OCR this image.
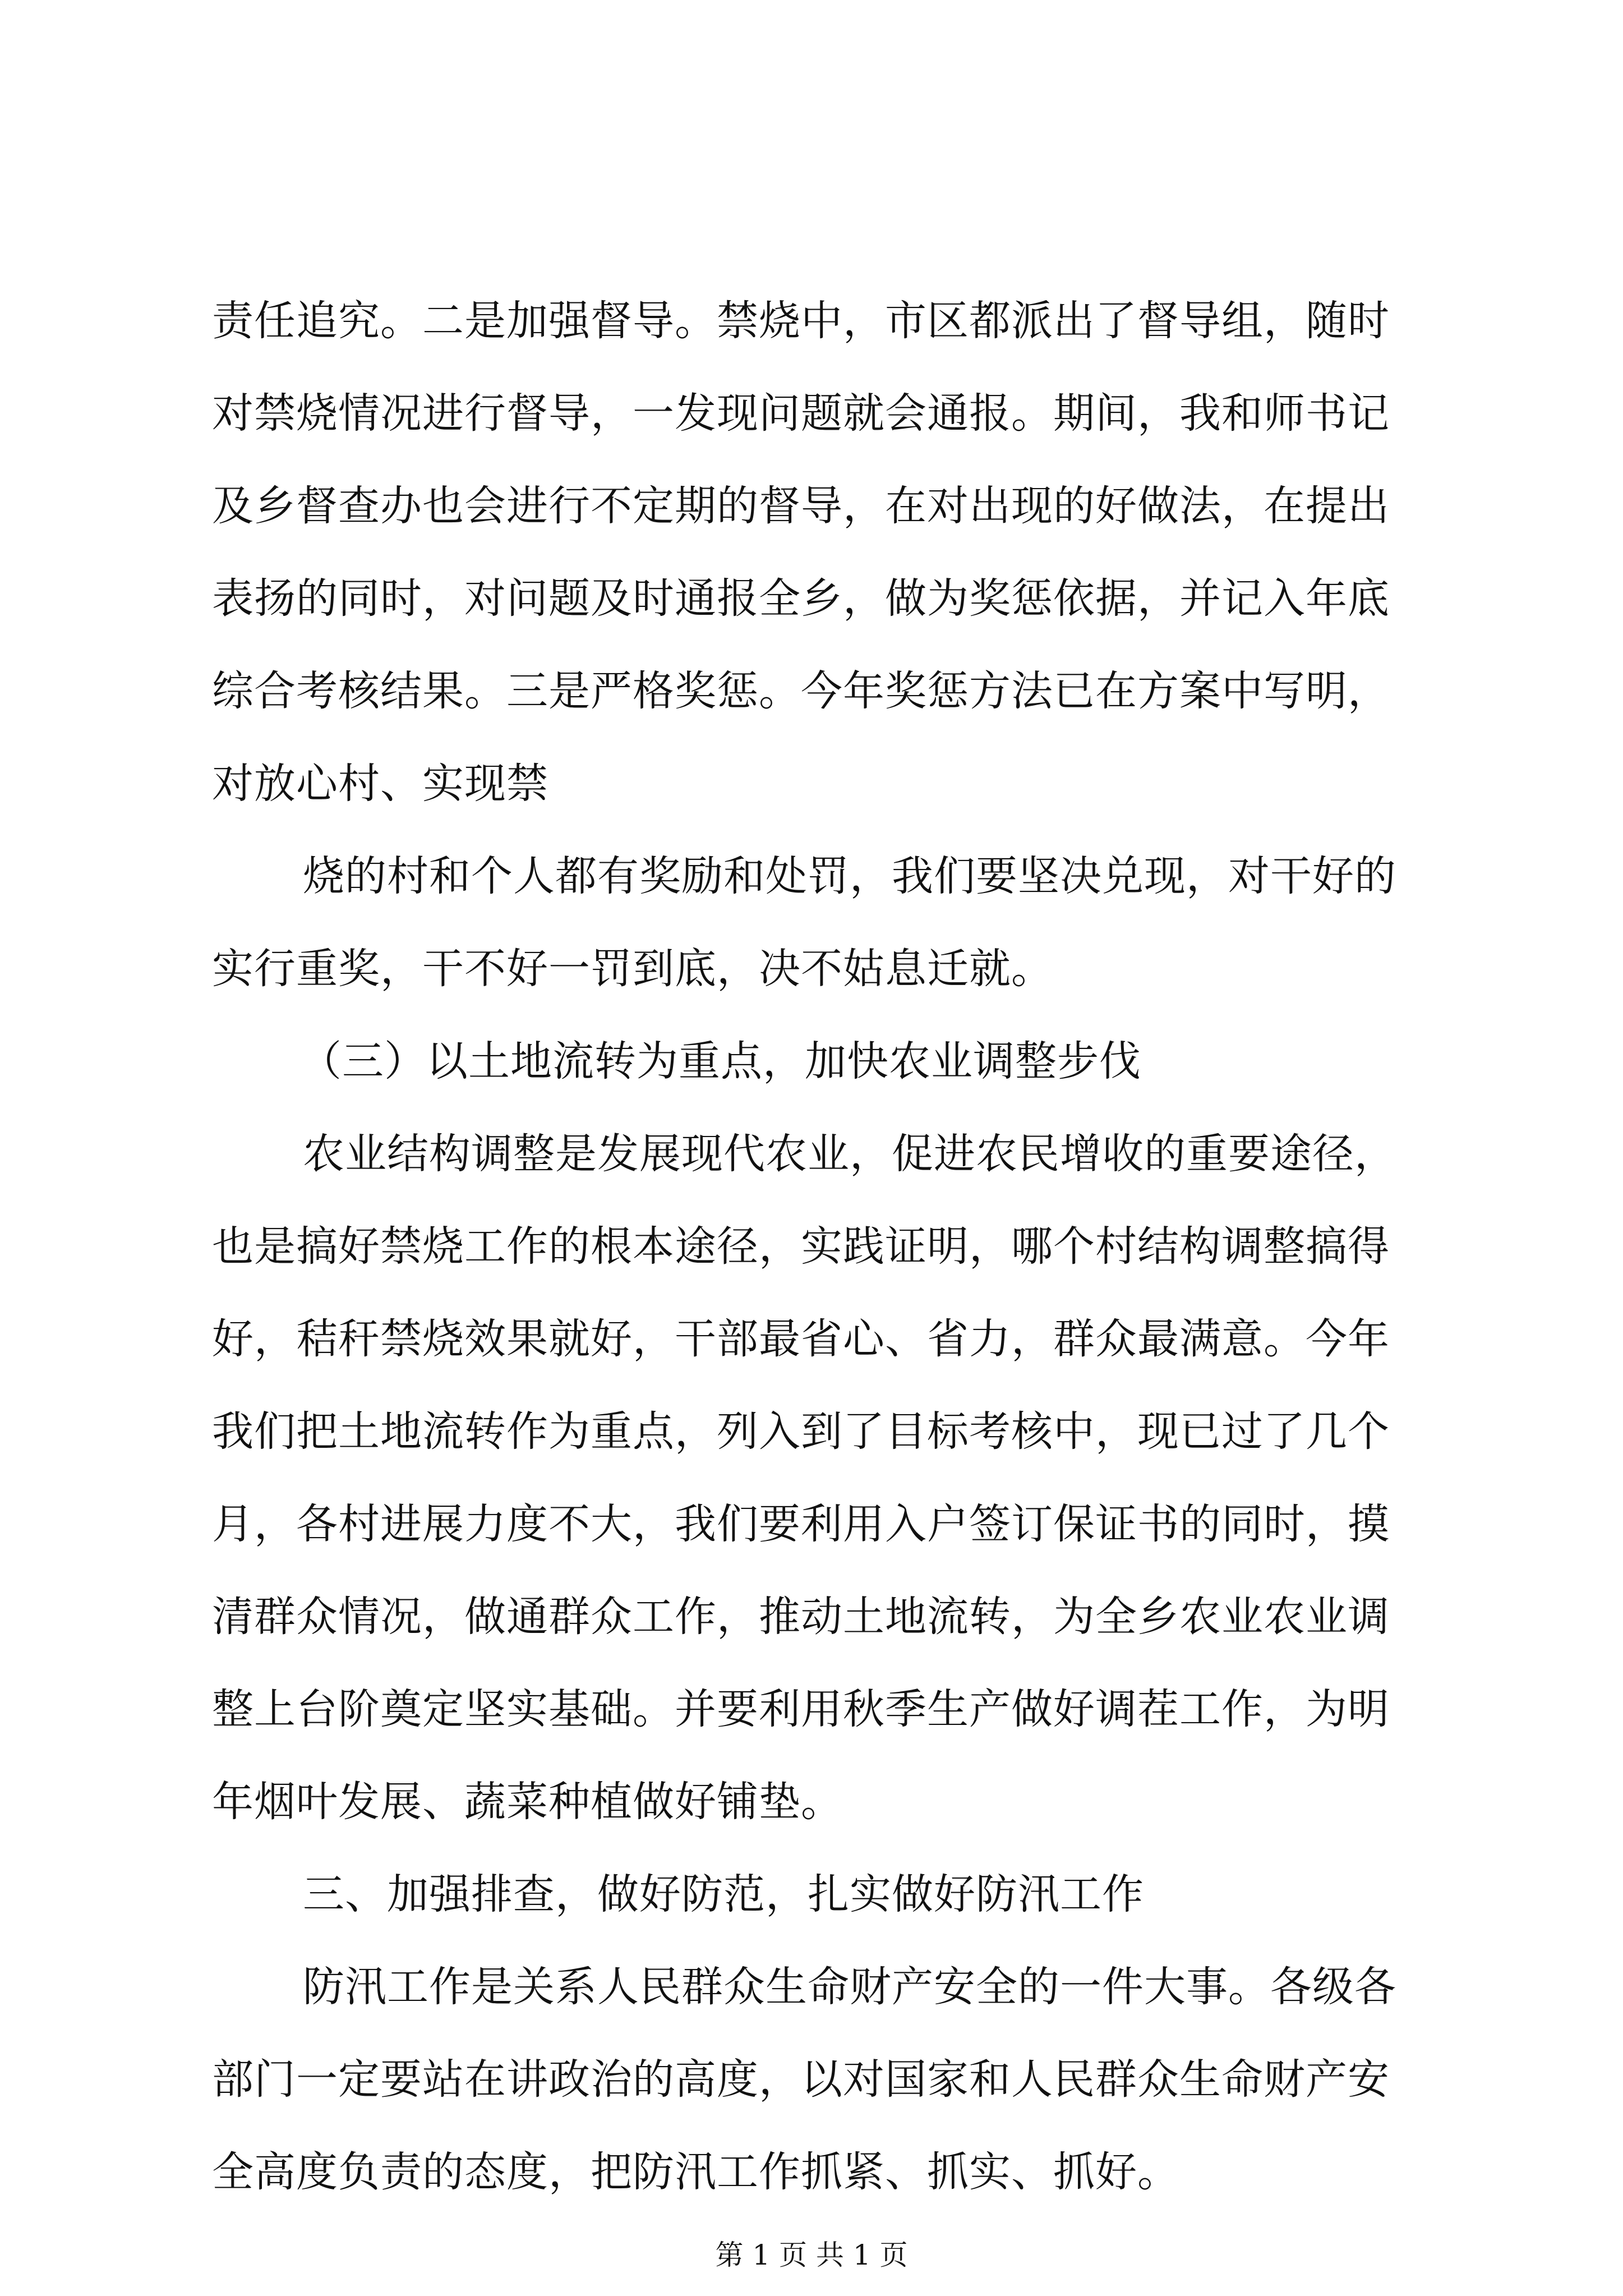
责任追究。二是加强督导。禁烧中，市区都派出了督导组，随时
对禁烧情况进行督导，一发现问题就会通报。期间，我和师书记
及乡督查办也会进行不定期的督导，在对出现的好做法，在提出
表扬的同时，对问题及时通报全乡，做为奖惩依据，并记入年底
综合考核结果。三是严格奖惩。今年奖惩方法已在方案中写明，
对放心村、实现禁
烧的村和个人都有奖励和处罚，我们要坚决兑现，对干好的
实行重奖，干不好一罚到底，决不姑息迁就。
（三）以土地流转为重点，加快农业调整步伐
农业结构调整是发展现代农业，促进农民增收的重要途径，
也是搞好禁烧工作的根本途径，实践证明，哪个村结构调整搞得
好，秸秆禁烧效果就好，干部最省心、省力，群众最满意。今年
我们把土地流转作为重点，列入到了目标考核中，现已过了几个
月，各村进展力度不大，我们要利用入户签订保证书的同时，摸
清群众情况，做通群众工作，推动土地流转，为全乡农业农业调
整上台阶奠定坚实基础。并要利用秋季生产做好调茬工作，为明
年烟叶发展、蔬菜种植做好铺垫。
三、加强排查，做好防范，扎实做好防汛工作
防汛工作是关系人民群众生命财产安全的一件大事。各级各
部门一定要站在讲政治的高度，以对国家和人民群众生命财产安
全高度负责的态度，把防汛工作抓紧、抓实、抓好。
第 1 页 共 1 页
